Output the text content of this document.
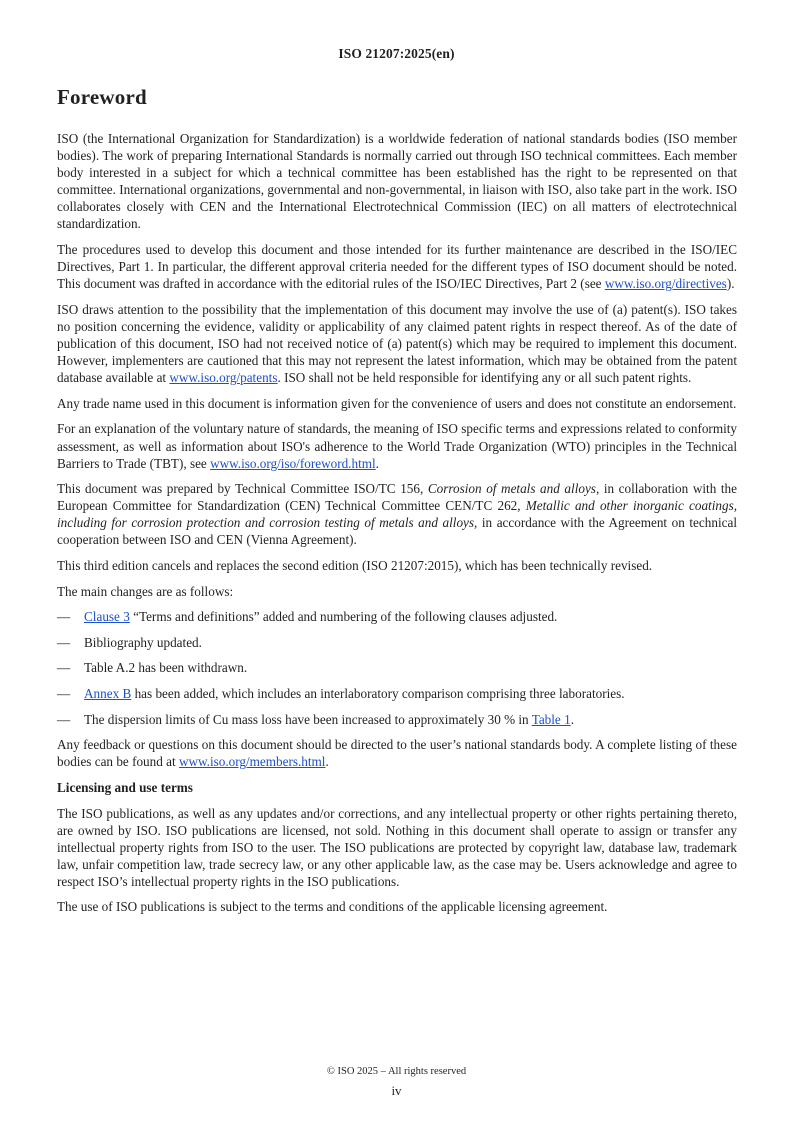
ISO 21207:2025(en)
Foreword

ISO (the International Organization for Standardization) is a worldwide federation of national standards bodies (ISO member bodies). The work of preparing International Standards is normally carried out through ISO technical committees. Each member body interested in a subject for which a technical committee has been established has the right to be represented on that committee. International organizations, governmental and non-governmental, in liaison with ISO, also take part in the work. ISO collaborates closely with CEN and the International Electrotechnical Commission (IEC) on all matters of electrotechnical standardization.

The procedures used to develop this document and those intended for its further maintenance are described in the ISO/IEC Directives, Part 1. In particular, the different approval criteria needed for the different types of ISO document should be noted. This document was drafted in accordance with the editorial rules of the ISO/IEC Directives, Part 2 (see www.iso.org/directives).

ISO draws attention to the possibility that the implementation of this document may involve the use of (a) patent(s). ISO takes no position concerning the evidence, validity or applicability of any claimed patent rights in respect thereof. As of the date of publication of this document, ISO had not received notice of (a) patent(s) which may be required to implement this document. However, implementers are cautioned that this may not represent the latest information, which may be obtained from the patent database available at www.iso.org/patents. ISO shall not be held responsible for identifying any or all such patent rights.

Any trade name used in this document is information given for the convenience of users and does not constitute an endorsement.

For an explanation of the voluntary nature of standards, the meaning of ISO specific terms and expressions related to conformity assessment, as well as information about ISO's adherence to the World Trade Organization (WTO) principles in the Technical Barriers to Trade (TBT), see www.iso.org/iso/foreword.html.

This document was prepared by Technical Committee ISO/TC 156, Corrosion of metals and alloys, in collaboration with the European Committee for Standardization (CEN) Technical Committee CEN/TC 262, Metallic and other inorganic coatings, including for corrosion protection and corrosion testing of metals and alloys, in accordance with the Agreement on technical cooperation between ISO and CEN (Vienna Agreement).

This third edition cancels and replaces the second edition (ISO 21207:2015), which has been technically revised.

The main changes are as follows:

— Clause 3 “Terms and definitions” added and numbering of the following clauses adjusted.
— Bibliography updated.
— Table A.2 has been withdrawn.
— Annex B has been added, which includes an interlaboratory comparison comprising three laboratories.
— The dispersion limits of Cu mass loss have been increased to approximately 30 % in Table 1.

Any feedback or questions on this document should be directed to the user’s national standards body. A complete listing of these bodies can be found at www.iso.org/members.html.

Licensing and use terms

The ISO publications, as well as any updates and/or corrections, and any intellectual property or other rights pertaining thereto, are owned by ISO. ISO publications are licensed, not sold. Nothing in this document shall operate to assign or transfer any intellectual property rights from ISO to the user. The ISO publications are protected by copyright law, database law, trademark law, unfair competition law, trade secrecy law, or any other applicable law, as the case may be. Users acknowledge and agree to respect ISO’s intellectual property rights in the ISO publications.

The use of ISO publications is subject to the terms and conditions of the applicable licensing agreement.

© ISO 2025 – All rights reserved
iv
